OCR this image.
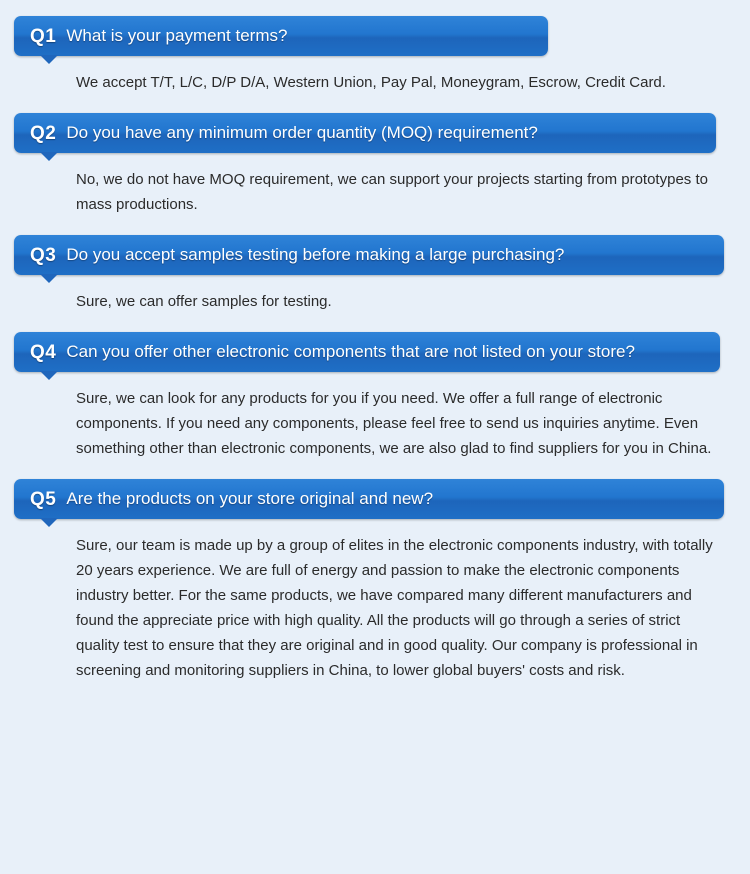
Q1 What is your payment terms?
We accept T/T, L/C, D/P D/A, Western Union, Pay Pal, Moneygram, Escrow, Credit Card.
Q2 Do you have any minimum order quantity (MOQ) requirement?
No, we do not have MOQ requirement, we can support your projects starting from prototypes to mass productions.
Q3 Do you accept samples testing before making a large purchasing?
Sure, we can offer samples for testing.
Q4 Can you offer other electronic components that are not listed on your store?
Sure, we can look for any products for you if you need. We offer a full range of electronic components. If you need any components, please feel free to send us inquiries anytime. Even something other than electronic components, we are also glad to find suppliers for you in China.
Q5 Are the products on your store original and new?
Sure, our team is made up by a group of elites in the electronic components industry, with totally 20 years experience. We are full of energy and passion to make the electronic components industry better. For the same products, we have compared many different manufacturers and found the appreciate price with high quality. All the products will go through a series of strict quality test to ensure that they are original and in good quality. Our company is professional in screening and monitoring suppliers in China, to lower global buyers' costs and risk.
